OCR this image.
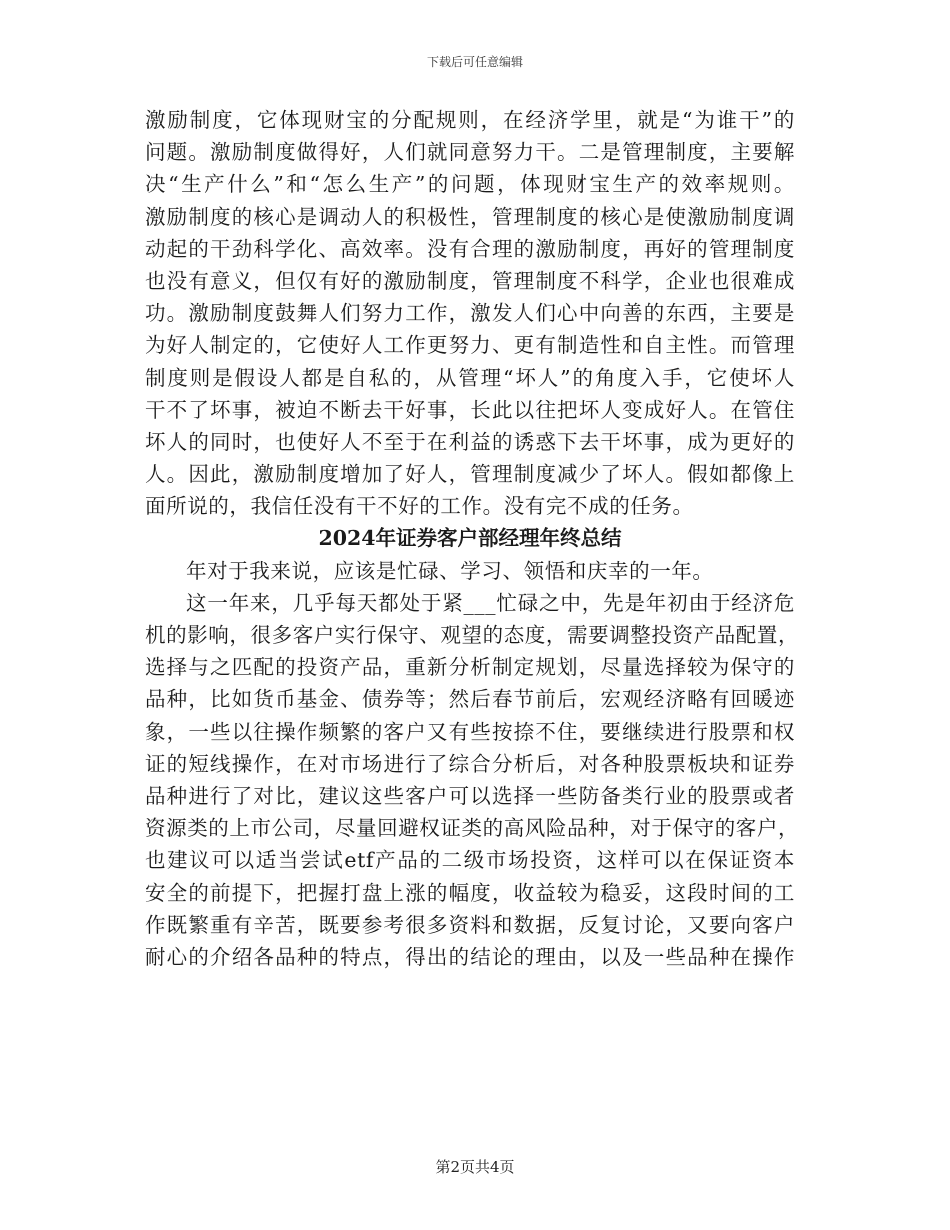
下载后可任意编辑
激励制度，它体现财宝的分配规则，在经济学里，就是“为谁干”的
问题。激励制度做得好，人们就同意努力干。二是管理制度，主要解
决“生产什么”和“怎么生产”的问题，体现财宝生产的效率规则。
激励制度的核心是调动人的积极性，管理制度的核心是使激励制度调
动起的干劲科学化、高效率。没有合理的激励制度，再好的管理制度
也没有意义，但仅有好的激励制度，管理制度不科学，企业也很难成
功。激励制度鼓舞人们努力工作，激发人们心中向善的东西，主要是
为好人制定的，它使好人工作更努力、更有制造性和自主性。而管理
制度则是假设人都是自私的，从管理“坏人”的角度入手，它使坏人
干不了坏事，被迫不断去干好事，长此以往把坏人变成好人。在管住
坏人的同时，也使好人不至于在利益的诱惑下去干坏事，成为更好的
人。因此，激励制度增加了好人，管理制度减少了坏人。假如都像上
面所说的，我信任没有干不好的工作。没有完不成的任务。
2024年证券客户部经理年终总结
年对于我来说，应该是忙碌、学习、领悟和庆幸的一年。
这一年来，几乎每天都处于紧___忙碌之中，先是年初由于经济危
机的影响，很多客户实行保守、观望的态度，需要调整投资产品配置，
选择与之匹配的投资产品，重新分析制定规划，尽量选择较为保守的
品种，比如货币基金、债券等；然后春节前后，宏观经济略有回暖迹
象，一些以往操作频繁的客户又有些按捺不住，要继续进行股票和权
证的短线操作，在对市场进行了综合分析后，对各种股票板块和证券
品种进行了对比，建议这些客户可以选择一些防备类行业的股票或者
资源类的上市公司，尽量回避权证类的高风险品种，对于保守的客户，
也建议可以适当尝试etf产品的二级市场投资，这样可以在保证资本
安全的前提下，把握打盘上涨的幅度，收益较为稳妥，这段时间的工
作既繁重有辛苦，既要参考很多资料和数据，反复讨论，又要向客户
耐心的介绍各品种的特点，得出的结论的理由，以及一些品种在操作
第2页共4页
